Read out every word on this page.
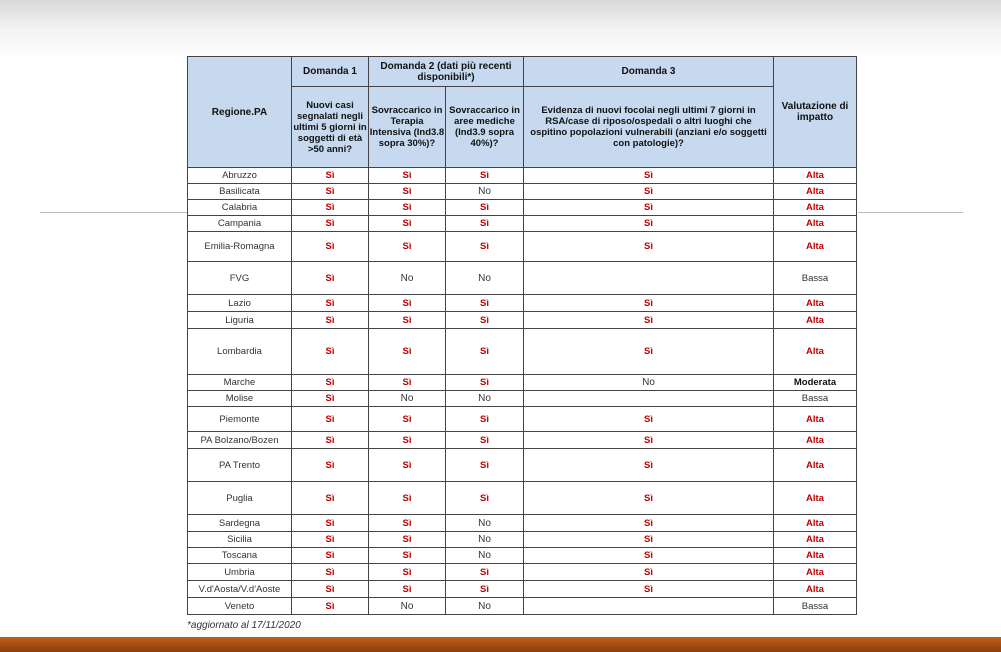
Regione.PA	Domanda 1	Domanda 2 (dati più recenti disponibili*)		Domanda 3	Valutazione di impatto
	Nuovi casi segnalati negli ultimi 5 giorni in soggetti di età >50 anni?	Sovraccarico in Terapia Intensiva (Ind3.8 sopra 30%)?	Sovraccarico in aree mediche (Ind3.9 sopra 40%)?	Evidenza di nuovi focolai negli ultimi 7 giorni in RSA/case di riposo/ospedali o altri luoghi che ospitino popolazioni vulnerabili (anziani e/o soggetti con patologie)?	
Abruzzo	Sì	Sì	Sì	Sì	Alta
Basilicata	Sì	Sì	No	Sì	Alta
Calabria	Sì	Sì	Sì	Sì	Alta
Campania	Sì	Sì	Sì	Sì	Alta
Emilia-Romagna	Sì	Sì	Sì	Sì	Alta
FVG	Sì	No	No		Bassa
Lazio	Sì	Sì	Sì	Sì	Alta
Liguria	Sì	Sì	Sì	Sì	Alta
Lombardia	Sì	Sì	Sì	Sì	Alta
Marche	Sì	Sì	Sì	No	Moderata
Molise	Sì	No	No		Bassa
Piemonte	Sì	Sì	Sì	Sì	Alta
PA Bolzano/Bozen	Sì	Sì	Sì	Sì	Alta
PA Trento	Sì	Sì	Sì	Sì	Alta
Puglia	Sì	Sì	Sì	Sì	Alta
Sardegna	Sì	Sì	No	Sì	Alta
Sicilia	Sì	Sì	No	Sì	Alta
Toscana	Sì	Sì	No	Sì	Alta
Umbria	Sì	Sì	Sì	Sì	Alta
V.d'Aosta/V.d'Aoste	Sì	Sì	Sì	Sì	Alta
Veneto	Sì	No	No		Bassa
*aggiornato al 17/11/2020
